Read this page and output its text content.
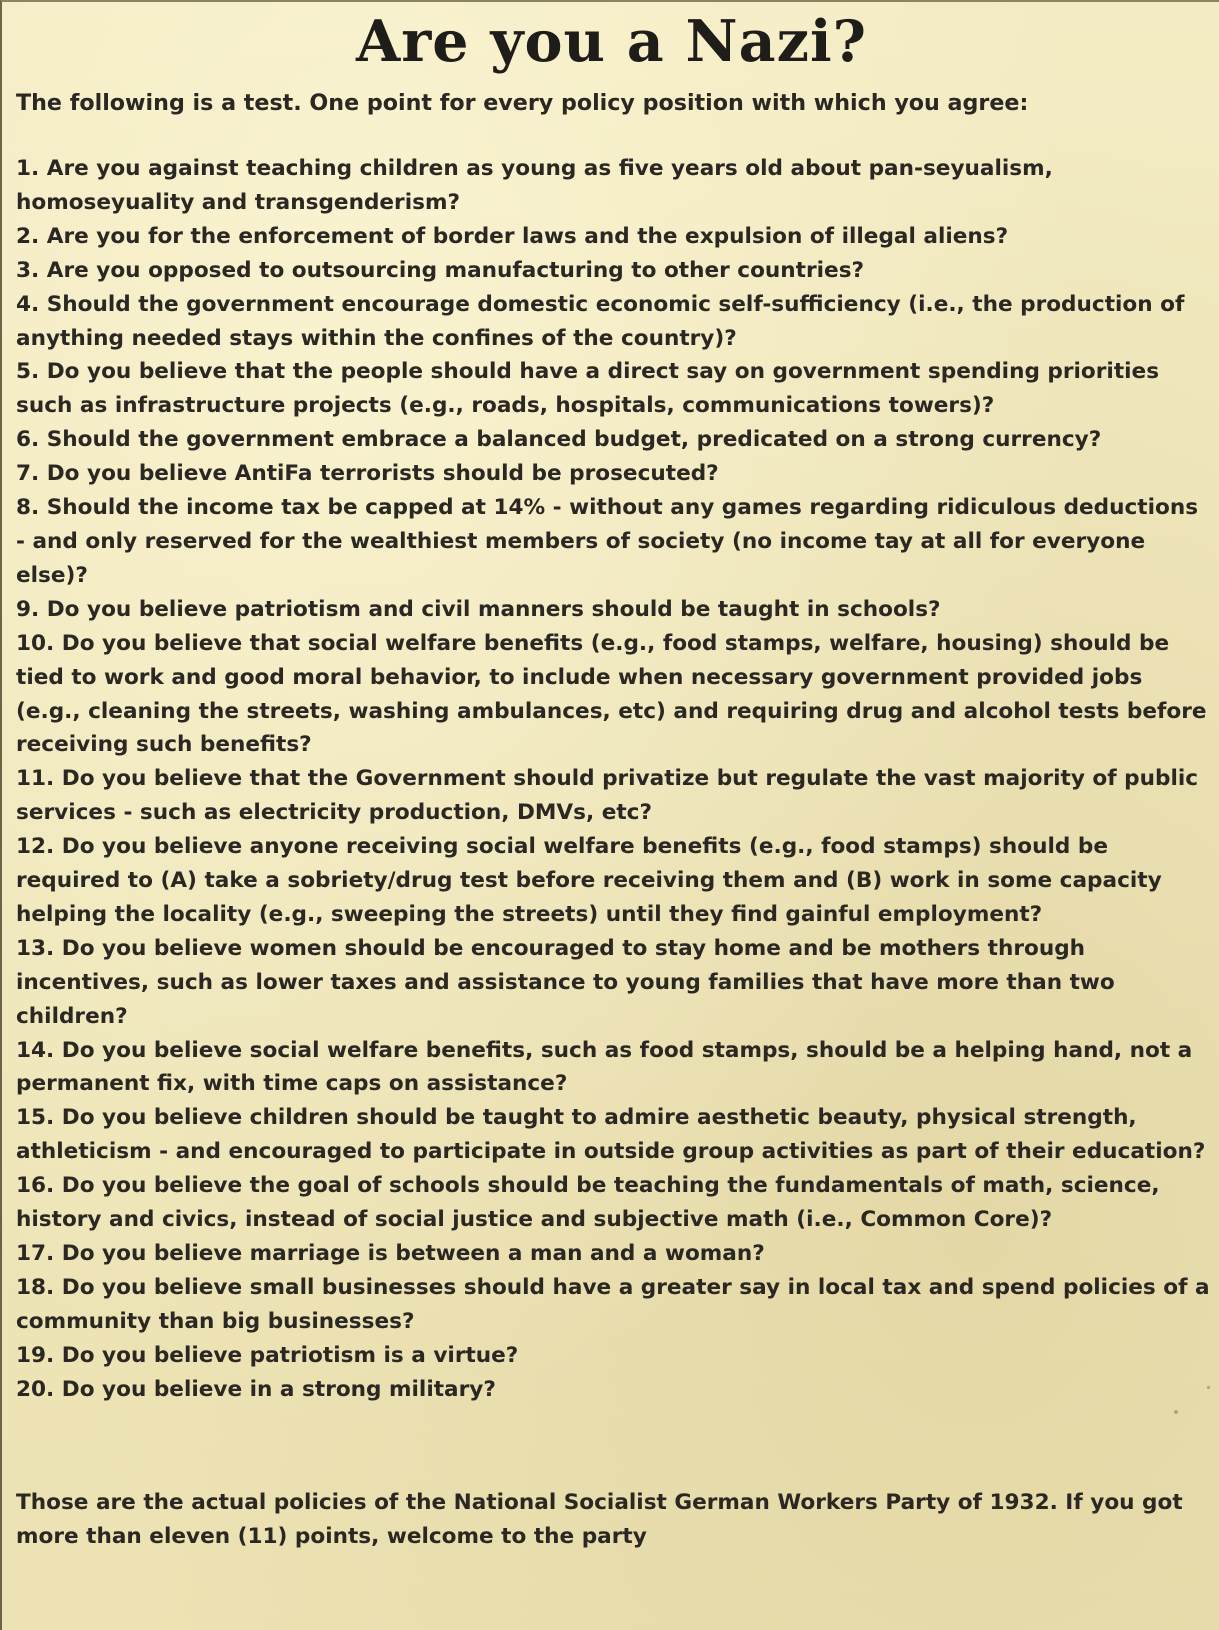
Are you a Nazi?

The following is a test. One point for every policy position with which you agree:

1. Are you against teaching children as young as five years old about pan-seyualism, homoseyuality and transgenderism?
2. Are you for the enforcement of border laws and the expulsion of illegal aliens?
3. Are you opposed to outsourcing manufacturing to other countries?
4. Should the government encourage domestic economic self-sufficiency (i.e., the production of anything needed stays within the confines of the country)?
5. Do you believe that the people should have a direct say on government spending priorities such as infrastructure projects (e.g., roads, hospitals, communications towers)?
6. Should the government embrace a balanced budget, predicated on a strong currency?
7. Do you believe AntiFa terrorists should be prosecuted?
8. Should the income tax be capped at 14% - without any games regarding ridiculous deductions - and only reserved for the wealthiest members of society (no income tay at all for everyone else)?
9. Do you believe patriotism and civil manners should be taught in schools?
10. Do you believe that social welfare benefits (e.g., food stamps, welfare, housing) should be tied to work and good moral behavior, to include when necessary government provided jobs (e.g., cleaning the streets, washing ambulances, etc) and requiring drug and alcohol tests before receiving such benefits?
11. Do you believe that the Government should privatize but regulate the vast majority of public services - such as electricity production, DMVs, etc?
12. Do you believe anyone receiving social welfare benefits (e.g., food stamps) should be required to (A) take a sobriety/drug test before receiving them and (B) work in some capacity helping the locality (e.g., sweeping the streets) until they find gainful employment?
13. Do you believe women should be encouraged to stay home and be mothers through incentives, such as lower taxes and assistance to young families that have more than two children?
14. Do you believe social welfare benefits, such as food stamps, should be a helping hand, not a permanent fix, with time caps on assistance?
15. Do you believe children should be taught to admire aesthetic beauty, physical strength, athleticism - and encouraged to participate in outside group activities as part of their education?
16. Do you believe the goal of schools should be teaching the fundamentals of math, science, history and civics, instead of social justice and subjective math (i.e., Common Core)?
17. Do you believe marriage is between a man and a woman?
18. Do you believe small businesses should have a greater say in local tax and spend policies of a community than big businesses?
19. Do you believe patriotism is a virtue?
20. Do you believe in a strong military?

Those are the actual policies of the National Socialist German Workers Party of 1932. If you got more than eleven (11) points, welcome to the party
